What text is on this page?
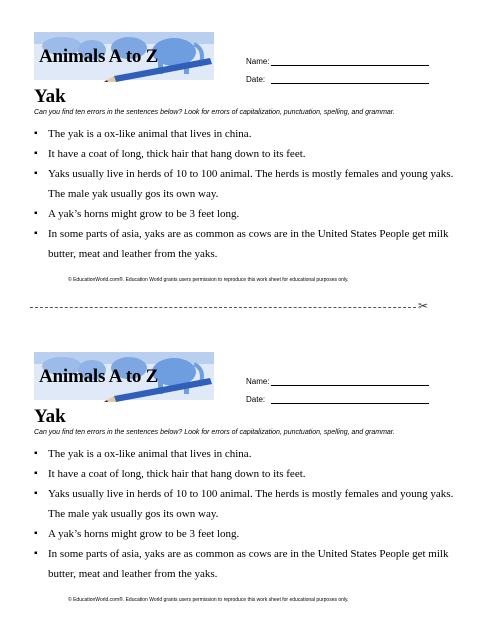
Animals A to Z	Name:
Date:
Yak
Can you find ten errors in the sentences below? Look for errors of capitalization, punctuation, spelling, and grammar.
▪ The yak is a ox-like animal that lives in china.
▪ It have a coat of long, thick hair that hang down to its feet.
▪ Yaks usually live in herds of 10 to 100 animal. The herds is mostly females and young yaks. The male yak usually gos its own way.
▪ A yak’s horns might grow to be 3 feet long.
▪ In some parts of asia, yaks are as common as cows are in the United States People get milk butter, meat and leather from the yaks.
© EducationWorld.com®. Education World grants users permission to reproduce this work sheet for educational purposes only.
✂
Animals A to Z	Name:
Date:
Yak
Can you find ten errors in the sentences below? Look for errors of capitalization, punctuation, spelling, and grammar.
▪ The yak is a ox-like animal that lives in china.
▪ It have a coat of long, thick hair that hang down to its feet.
▪ Yaks usually live in herds of 10 to 100 animal. The herds is mostly females and young yaks. The male yak usually gos its own way.
▪ A yak’s horns might grow to be 3 feet long.
▪ In some parts of asia, yaks are as common as cows are in the United States People get milk butter, meat and leather from the yaks.
© EducationWorld.com®. Education World grants users permission to reproduce this work sheet for educational purposes only.
